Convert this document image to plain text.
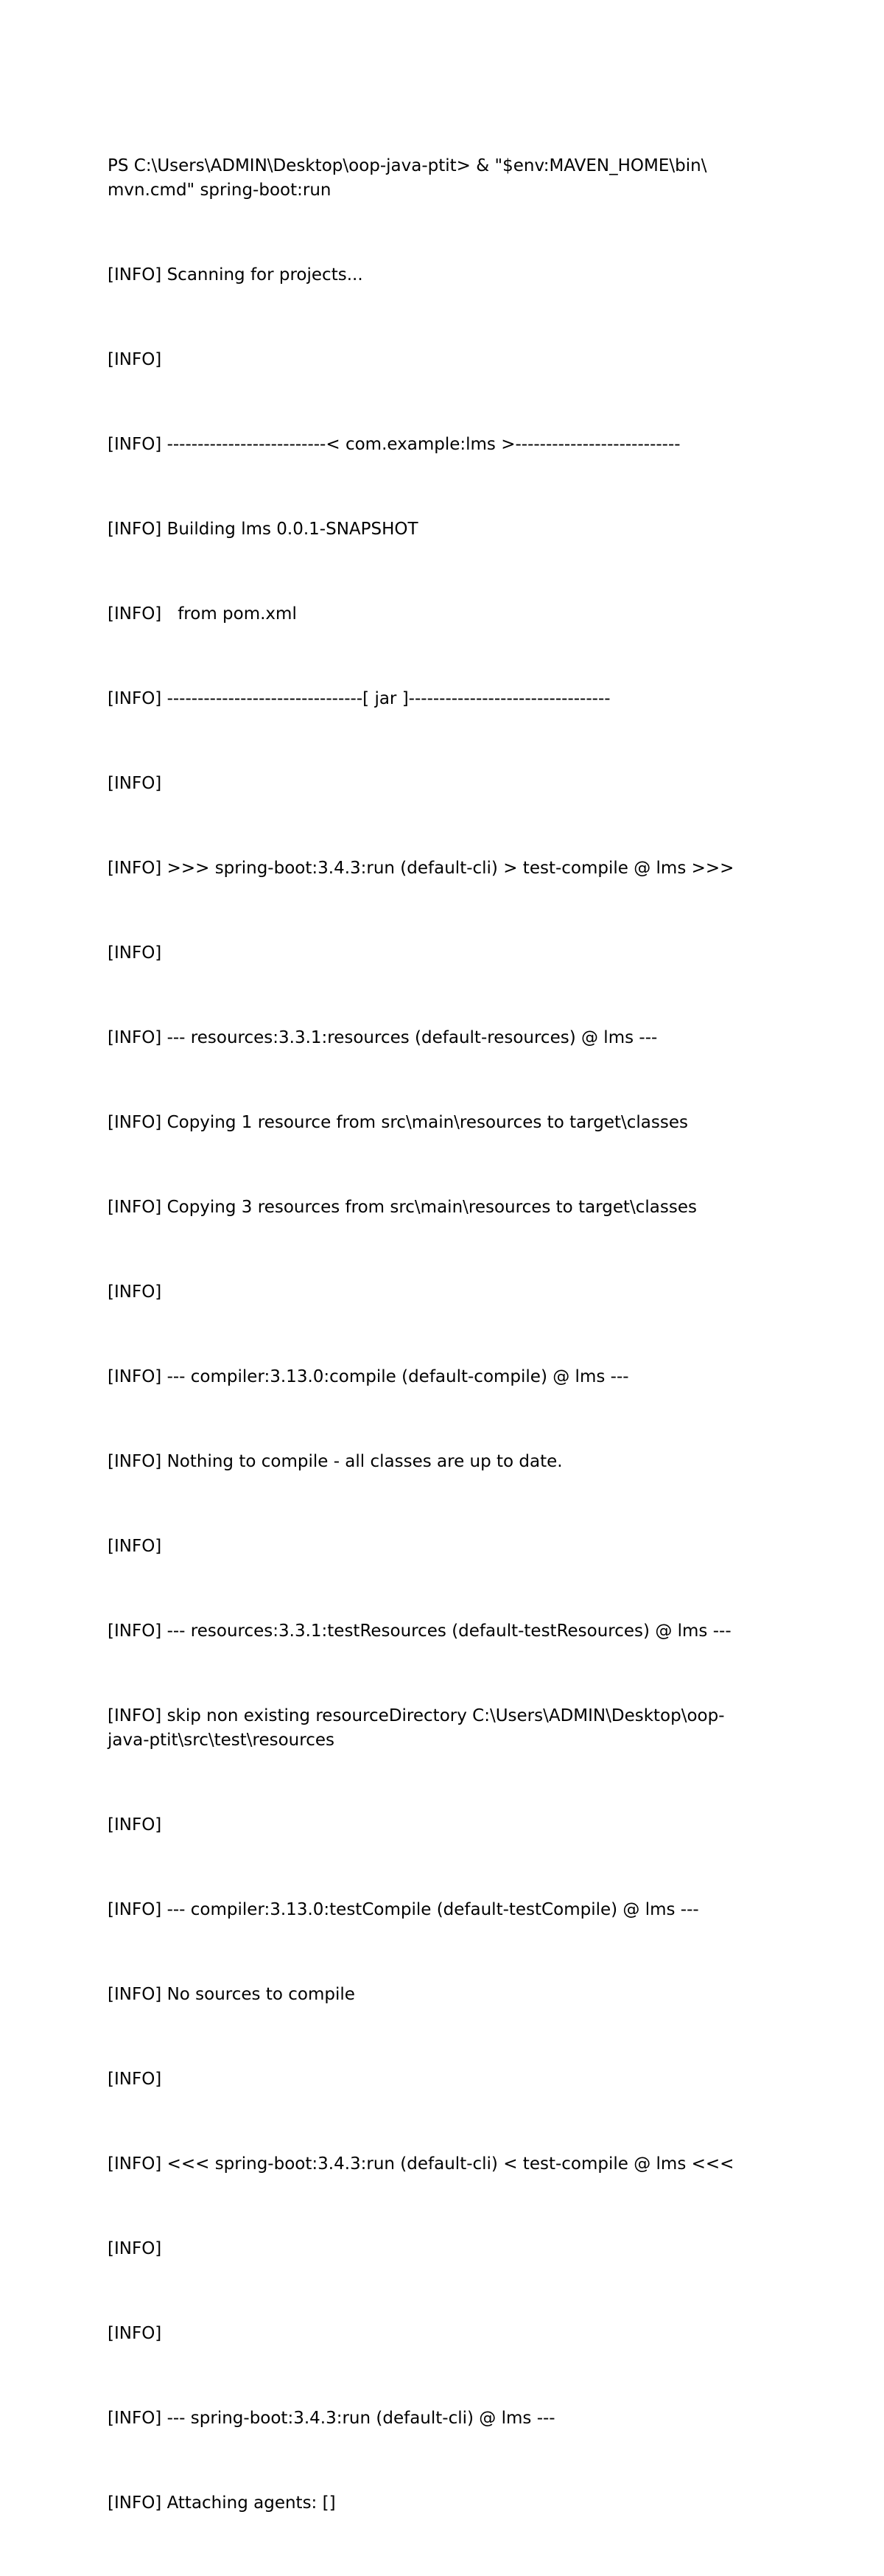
PS C:\Users\ADMIN\Desktop\oop-java-ptit> & "$env:MAVEN_HOME\bin\
mvn.cmd" spring-boot:run

[INFO] Scanning for projects...

[INFO]

[INFO] --------------------------< com.example:lms >---------------------------

[INFO] Building lms 0.0.1-SNAPSHOT

[INFO]   from pom.xml

[INFO] --------------------------------[ jar ]---------------------------------

[INFO]

[INFO] >>> spring-boot:3.4.3:run (default-cli) > test-compile @ lms >>>

[INFO]

[INFO] --- resources:3.3.1:resources (default-resources) @ lms ---

[INFO] Copying 1 resource from src\main\resources to target\classes

[INFO] Copying 3 resources from src\main\resources to target\classes

[INFO]

[INFO] --- compiler:3.13.0:compile (default-compile) @ lms ---

[INFO] Nothing to compile - all classes are up to date.

[INFO]

[INFO] --- resources:3.3.1:testResources (default-testResources) @ lms ---

[INFO] skip non existing resourceDirectory C:\Users\ADMIN\Desktop\oop-
java-ptit\src\test\resources

[INFO]

[INFO] --- compiler:3.13.0:testCompile (default-testCompile) @ lms ---

[INFO] No sources to compile

[INFO]

[INFO] <<< spring-boot:3.4.3:run (default-cli) < test-compile @ lms <<<

[INFO]

[INFO]

[INFO] --- spring-boot:3.4.3:run (default-cli) @ lms ---

[INFO] Attaching agents: []
